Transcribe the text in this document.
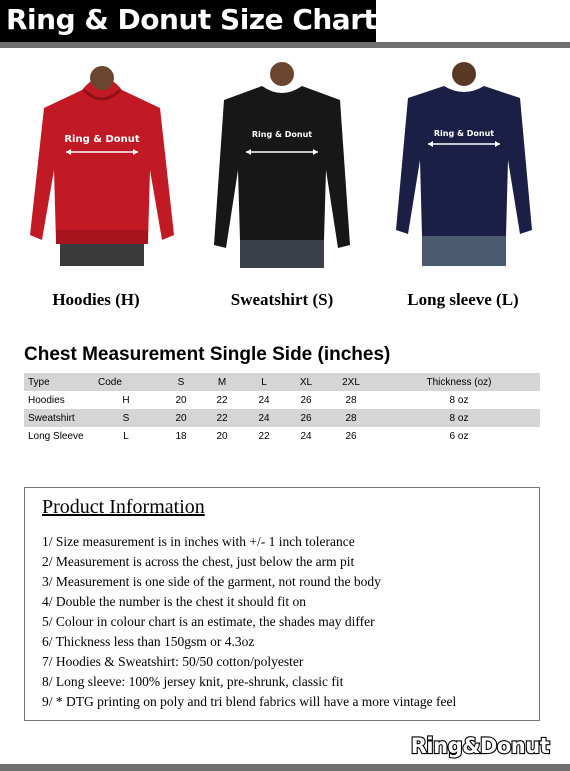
Ring & Donut Size Chart
Ring & Donut
Hoodies (H)
Ring & Donut
Sweatshirt (S)
Ring & Donut
Long sleeve (L)
Chest Measurement Single Side (inches)
Type	Code	S	M	L	XL	2XL	Thickness (oz)
Hoodies	H	20	22	24	26	28	8 oz
Sweatshirt	S	20	22	24	26	28	8 oz
Long Sleeve	L	18	20	22	24	26	6 oz
Product Information
1/ Size measurement is in inches with +/- 1 inch tolerance
2/ Measurement is across the chest, just below the arm pit
3/ Measurement is one side of the garment, not round the body
4/ Double the number is the chest it should fit on
5/ Colour in colour chart is an estimate, the shades may differ
6/ Thickness less than 150gsm or 4.3oz
7/ Hoodies & Sweatshirt: 50/50 cotton/polyester
8/ Long sleeve: 100% jersey knit, pre-shrunk, classic fit
9/ * DTG printing on poly and tri blend fabrics will have a more vintage feel
Ring&Donut
